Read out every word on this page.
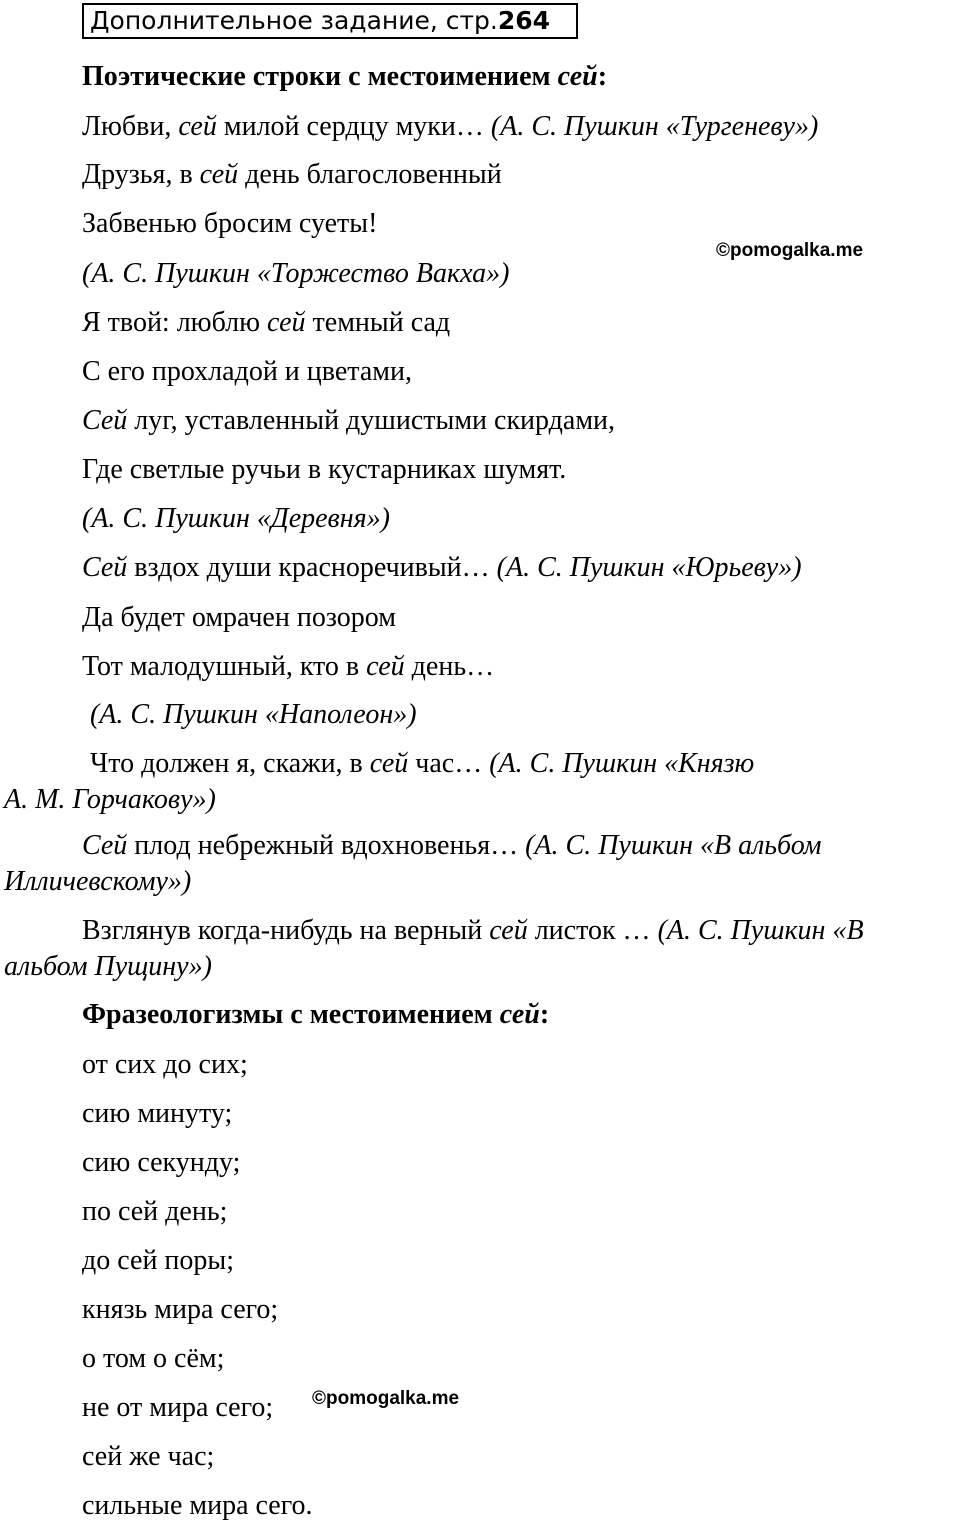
Дополнительное задание, стр.264
Поэтические строки с местоимением сей:
Любви, сей милой сердцу муки… (А. С. Пушкин «Тургеневу»)
Друзья, в сей день благословенный
Забвенью бросим суеты!
(А. С. Пушкин «Торжество Вакха»)
Я твой: люблю сей темный сад
С его прохладой и цветами,
Сей луг, уставленный душистыми скирдами,
Где светлые ручьи в кустарниках шумят.
(А. С. Пушкин «Деревня»)
Сей вздох души красноречивый… (А. С. Пушкин «Юрьеву»)
Да будет омрачен позором
Тот малодушный, кто в сей день…
(А. С. Пушкин «Наполеон»)
Что должен я, скажи, в сей час… (А. С. Пушкин «Князю
А. М. Горчакову»)
Сей плод небрежный вдохновенья… (А. С. Пушкин «В альбом
Илличевскому»)
Взглянув когда-нибудь на верный сей листок … (А. С. Пушкин «В
альбом Пущину»)
Фразеологизмы с местоимением сей:
от сих до сих;
сию минуту;
сию секунду;
по сей день;
до сей поры;
князь мира сего;
о том о сём;
не от мира сего;
сей же час;
сильные мира сего.
©pomogalka.me
©pomogalka.me
